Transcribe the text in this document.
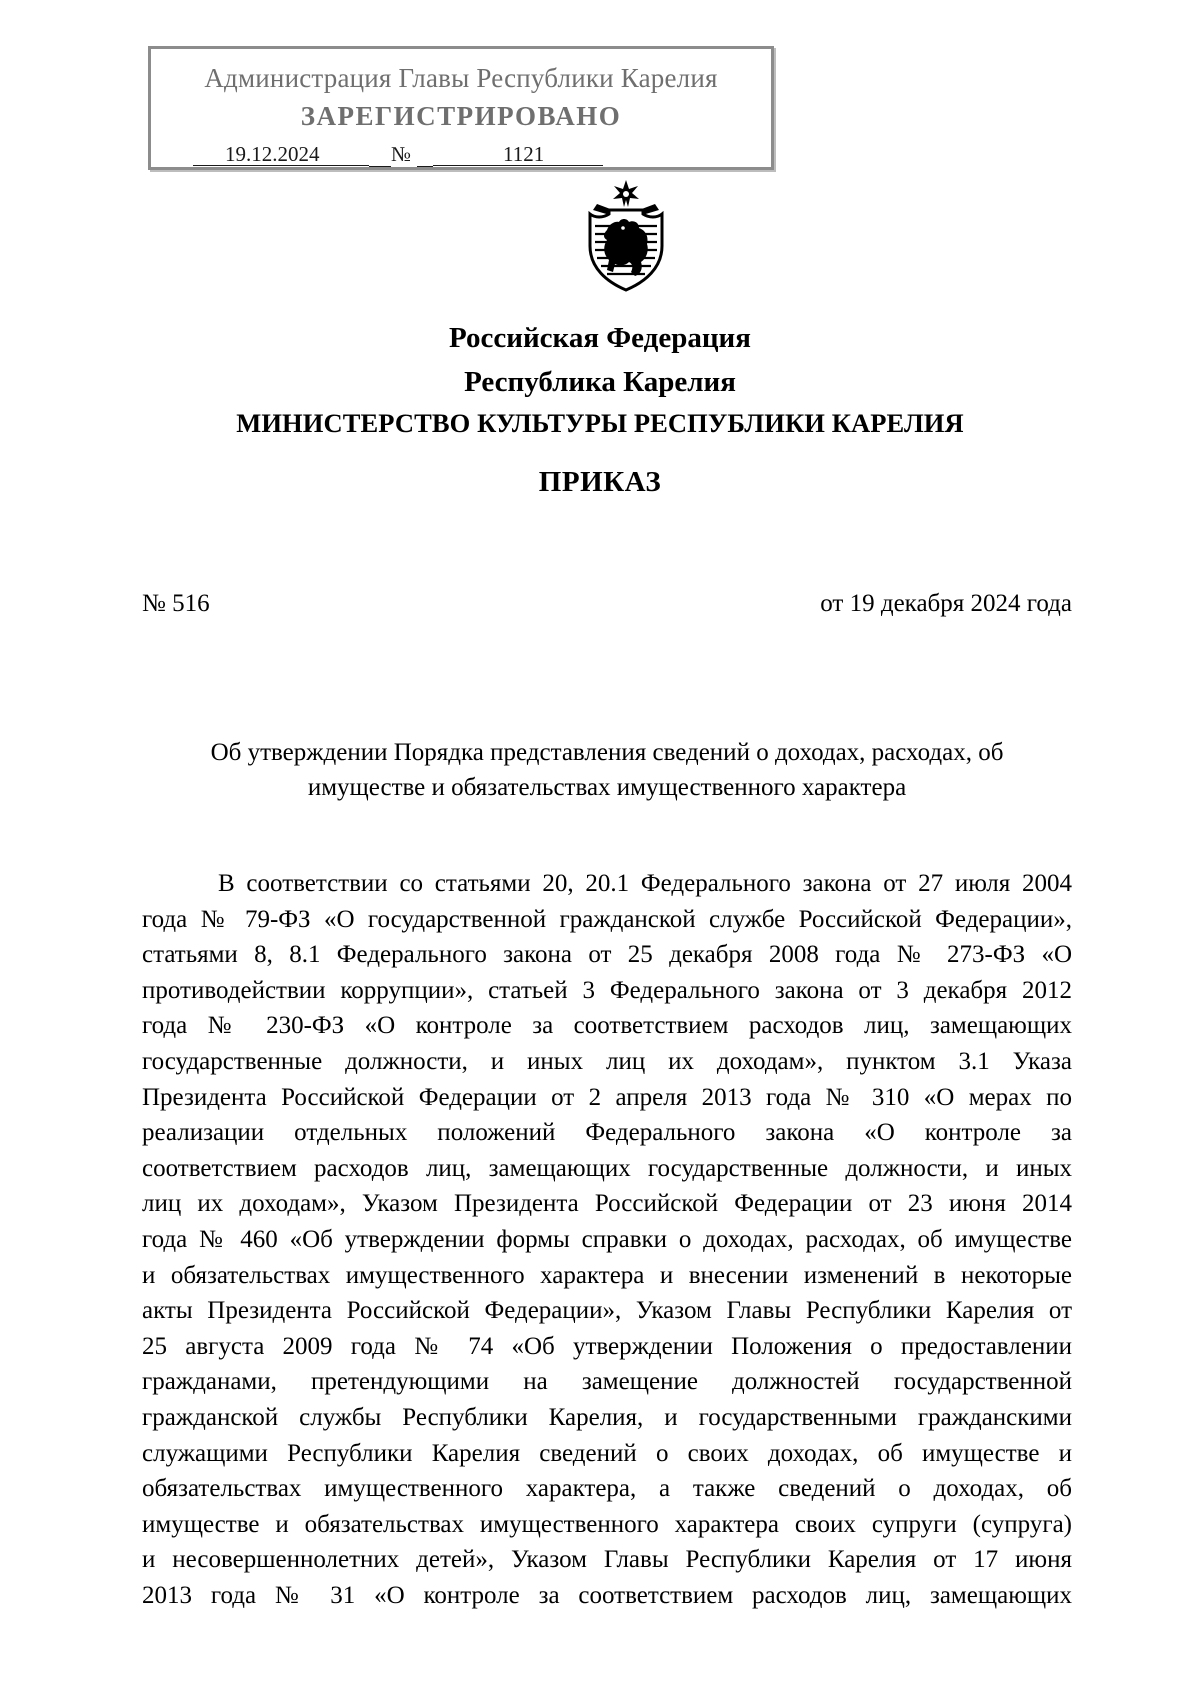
Администрация Главы Республики Карелия
ЗАРЕГИСТРИРОВАНО
19.12.2024	№	1121
Российская Федерация
Республика Карелия
МИНИСТЕРСТВО КУЛЬТУРЫ РЕСПУБЛИКИ КАРЕЛИЯ
ПРИКАЗ
№ 516	от 19 декабря 2024 года
Об утверждении Порядка представления сведений о доходах, расходах, об
имуществе и обязательствах имущественного характера
В соответствии со статьями 20, 20.1 Федерального закона от 27 июля 2004
года № 79-ФЗ «О государственной гражданской службе Российской Федерации»,
статьями 8, 8.1 Федерального закона от 25 декабря 2008 года № 273-ФЗ «О
противодействии коррупции», статьей 3 Федерального закона от 3 декабря 2012
года № 230-ФЗ «О контроле за соответствием расходов лиц, замещающих
государственные должности, и иных лиц их доходам», пунктом 3.1 Указа
Президента Российской Федерации от 2 апреля 2013 года № 310 «О мерах по
реализации отдельных положений Федерального закона «О контроле за
соответствием расходов лиц, замещающих государственные должности, и иных
лиц их доходам», Указом Президента Российской Федерации от 23 июня 2014
года № 460 «Об утверждении формы справки о доходах, расходах, об имуществе
и обязательствах имущественного характера и внесении изменений в некоторые
акты Президента Российской Федерации», Указом Главы Республики Карелия от
25 августа 2009 года № 74 «Об утверждении Положения о предоставлении
гражданами, претендующими на замещение должностей государственной
гражданской службы Республики Карелия, и государственными гражданскими
служащими Республики Карелия сведений о своих доходах, об имуществе и
обязательствах имущественного характера, а также сведений о доходах, об
имуществе и обязательствах имущественного характера своих супруги (супруга)
и несовершеннолетних детей», Указом Главы Республики Карелия от 17 июня
2013 года № 31 «О контроле за соответствием расходов лиц, замещающих
